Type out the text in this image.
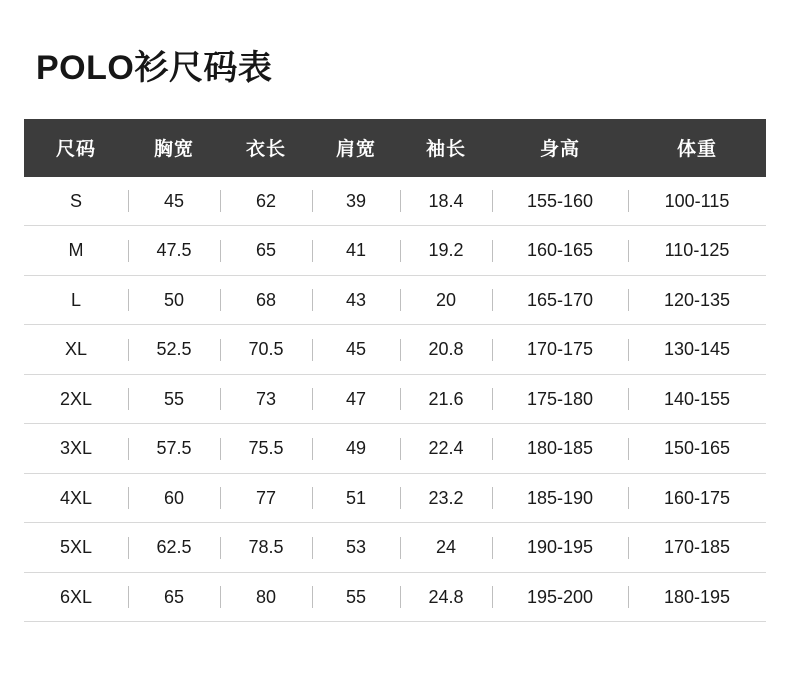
POLO衫尺码表
尺码	胸宽	衣长	肩宽	袖长	身高	体重
S	45	62	39	18.4	155-160	100-115
M	47.5	65	41	19.2	160-165	110-125
L	50	68	43	20	165-170	120-135
XL	52.5	70.5	45	20.8	170-175	130-145
2XL	55	73	47	21.6	175-180	140-155
3XL	57.5	75.5	49	22.4	180-185	150-165
4XL	60	77	51	23.2	185-190	160-175
5XL	62.5	78.5	53	24	190-195	170-185
6XL	65	80	55	24.8	195-200	180-195
